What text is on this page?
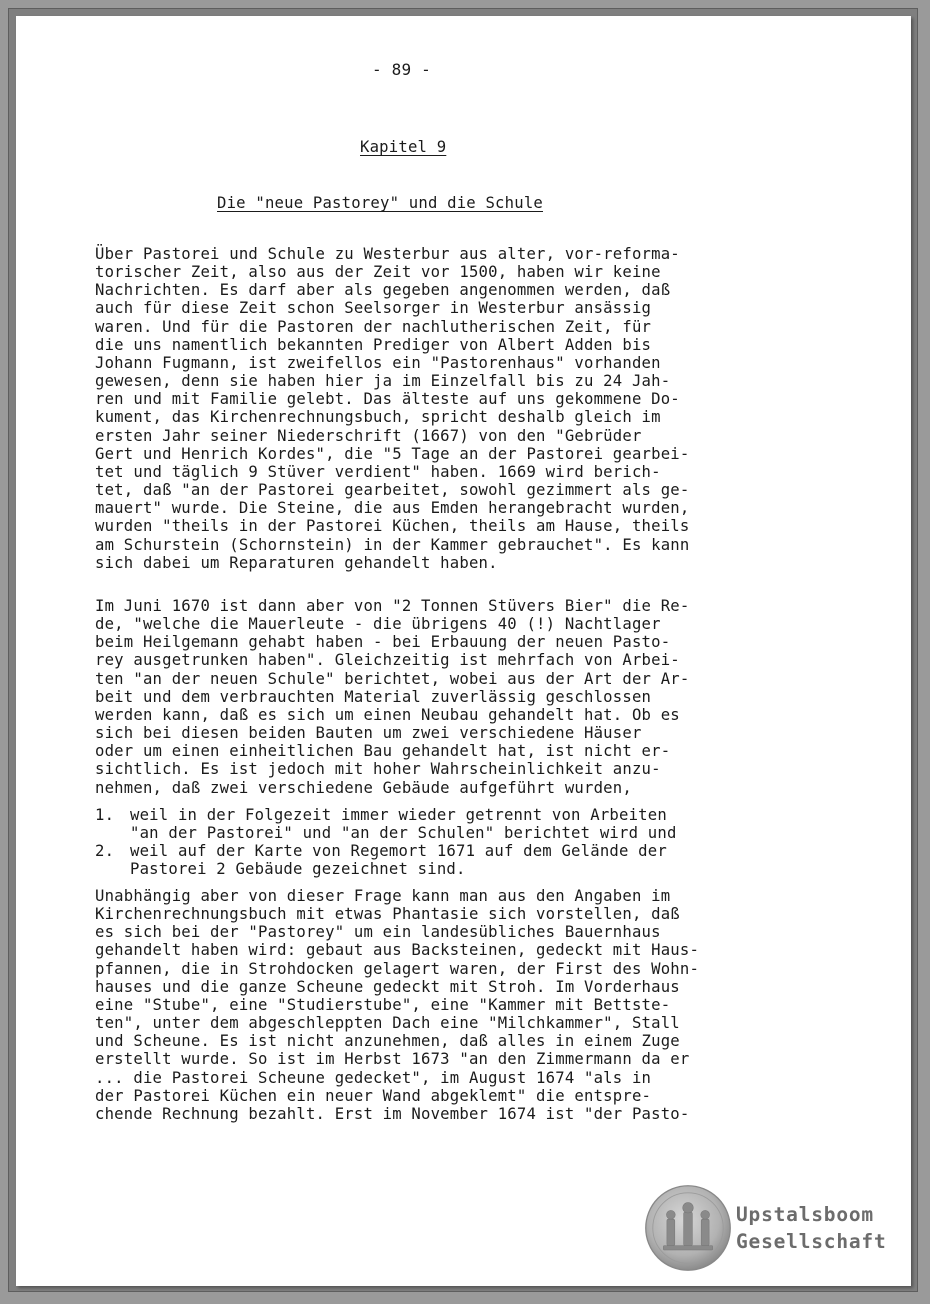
- 89 -
Kapitel 9
Die "neue Pastorey" und die Schule
Über Pastorei und Schule zu Westerbur aus alter, vor-reforma-
torischer Zeit, also aus der Zeit vor 1500, haben wir keine
Nachrichten. Es darf aber als gegeben angenommen werden, daß
auch für diese Zeit schon Seelsorger in Westerbur ansässig
waren. Und für die Pastoren der nachlutherischen Zeit, für
die uns namentlich bekannten Prediger von Albert Adden bis
Johann Fugmann, ist zweifellos ein "Pastorenhaus" vorhanden
gewesen, denn sie haben hier ja im Einzelfall bis zu 24 Jah-
ren und mit Familie gelebt. Das älteste auf uns gekommene Do-
kument, das Kirchenrechnungsbuch, spricht deshalb gleich im
ersten Jahr seiner Niederschrift (1667) von den "Gebrüder
Gert und Henrich Kordes", die "5 Tage an der Pastorei gearbei-
tet und täglich 9 Stüver verdient" haben. 1669 wird berich-
tet, daß "an der Pastorei gearbeitet, sowohl gezimmert als ge-
mauert" wurde. Die Steine, die aus Emden herangebracht wurden,
wurden "theils in der Pastorei Küchen, theils am Hause, theils
am Schurstein (Schornstein) in der Kammer gebrauchet". Es kann
sich dabei um Reparaturen gehandelt haben.
Im Juni 1670 ist dann aber von "2 Tonnen Stüvers Bier" die Re-
de, "welche die Mauerleute - die übrigens 40 (!) Nachtlager
beim Heilgemann gehabt haben - bei Erbauung der neuen Pasto-
rey ausgetrunken haben". Gleichzeitig ist mehrfach von Arbei-
ten "an der neuen Schule" berichtet, wobei aus der Art der Ar-
beit und dem verbrauchten Material zuverlässig geschlossen
werden kann, daß es sich um einen Neubau gehandelt hat. Ob es
sich bei diesen beiden Bauten um zwei verschiedene Häuser
oder um einen einheitlichen Bau gehandelt hat, ist nicht er-
sichtlich. Es ist jedoch mit hoher Wahrscheinlichkeit anzu-
nehmen, daß zwei verschiedene Gebäude aufgeführt wurden,
1.	weil in der Folgezeit immer wieder getrennt von Arbeiten
"an der Pastorei" und "an der Schulen" berichtet wird und
2.	weil auf der Karte von Regemort 1671 auf dem Gelände der
Pastorei 2 Gebäude gezeichnet sind.
Unabhängig aber von dieser Frage kann man aus den Angaben im
Kirchenrechnungsbuch mit etwas Phantasie sich vorstellen, daß
es sich bei der "Pastorey" um ein landesübliches Bauernhaus
gehandelt haben wird: gebaut aus Backsteinen, gedeckt mit Haus-
pfannen, die in Strohdocken gelagert waren, der First des Wohn-
hauses und die ganze Scheune gedeckt mit Stroh. Im Vorderhaus
eine "Stube", eine "Studierstube", eine "Kammer mit Bettste-
ten", unter dem abgeschleppten Dach eine "Milchkammer", Stall
und Scheune. Es ist nicht anzunehmen, daß alles in einem Zuge
erstellt wurde. So ist im Herbst 1673 "an den Zimmermann da er
... die Pastorei Scheune gedecket", im August 1674 "als in
der Pastorei Küchen ein neuer Wand abgeklemt" die entspre-
chende Rechnung bezahlt. Erst im November 1674 ist "der Pasto-
Upstalsboom
Gesellschaft
